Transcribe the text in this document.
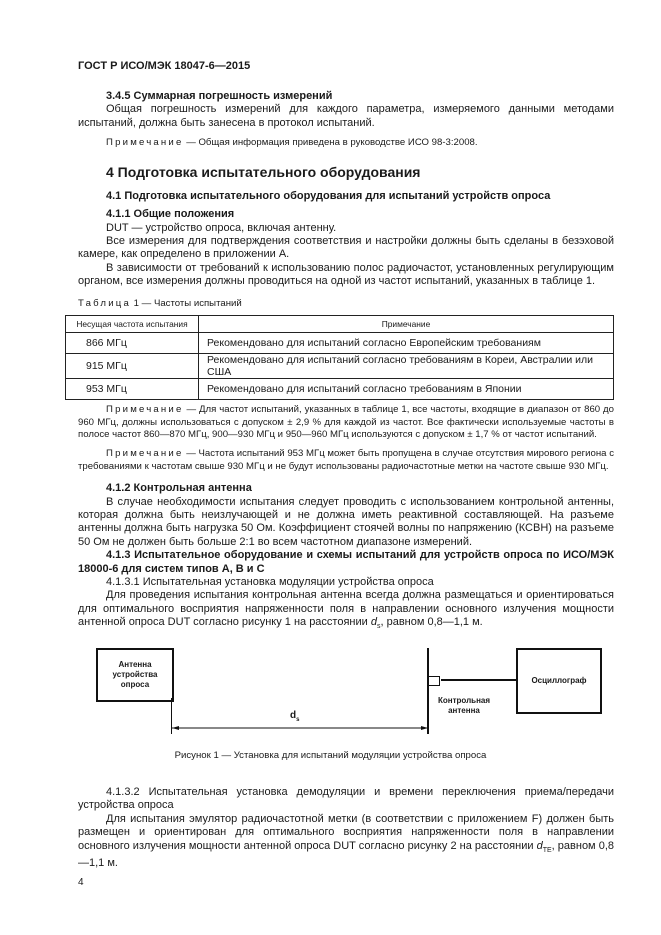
ГОСТ Р ИСО/МЭК 18047-6—2015
3.4.5 Суммарная погрешность измерений
Общая погрешность измерений для каждого параметра, измеряемого данными методами испытаний, должна быть занесена в протокол испытаний.
Примечание — Общая информация приведена в руководстве ИСО 98-3:2008.
4 Подготовка испытательного оборудования
4.1 Подготовка испытательного оборудования для испытаний устройств опроса
4.1.1 Общие положения
DUT — устройство опроса, включая антенну.
Все измерения для подтверждения соответствия и настройки должны быть сделаны в безэховой камере, как определено в приложении А.
В зависимости от требований к использованию полос радиочастот, установленных регулирующим органом, все измерения должны проводиться на одной из частот испытаний, указанных в таблице 1.
Таблица 1 — Частоты испытаний
Несущая частота испытания	Примечание
866 МГц	Рекомендовано для испытаний согласно Европейским требованиям
915 МГц	Рекомендовано для испытаний согласно требованиям в Кореи, Австралии или США
953 МГц	Рекомендовано для испытаний согласно требованиям в Японии
Примечание — Для частот испытаний, указанных в таблице 1, все частоты, входящие в диапазон от 860 до 960 МГц, должны использоваться с допуском ± 2,9 % для каждой из частот. Все фактически используемые частоты в полосе частот 860—870 МГц, 900—930 МГц и 950—960 МГц используются с допуском ± 1,7 % от частот испытаний.
Примечание — Частота испытаний 953 МГц может быть пропущена в случае отсутствия мирового региона с требованиями к частотам свыше 930 МГц и не будут использованы радиочастотные метки на частоте свыше 930 МГц.
4.1.2 Контрольная антенна
В случае необходимости испытания следует проводить с использованием контрольной антенны, которая должна быть неизлучающей и не должна иметь реактивной составляющей. На разъеме антенны должна быть нагрузка 50 Ом. Коэффициент стоячей волны по напряжению (КСВН) на разъеме 50 Ом не должен быть больше 2:1 во всем частотном диапазоне измерений.
4.1.3 Испытательное оборудование и схемы испытаний для устройств опроса по ИСО/МЭК 18000-6 для систем типов А, В и С
4.1.3.1 Испытательная установка модуляции устройства опроса
Для проведения испытания контрольная антенна всегда должна размещаться и ориентироваться для оптимального восприятия напряженности поля в направлении основного излучения мощности антенной опроса DUT согласно рисунку 1 на расстоянии $d_s$, равном 0,8—1,1 м.
Антенна устройства опроса	Осциллограф
Контрольная антенна
$d_s$
Рисунок 1 — Установка для испытаний модуляции устройства опроса
4.1.3.2 Испытательная установка демодуляции и времени переключения приема/передачи устройства опроса
Для испытания эмулятор радиочастотной метки (в соответствии с приложением F) должен быть размещен и ориентирован для оптимального восприятия напряженности поля в направлении основного излучения мощности антенной опроса DUT согласно рисунку 2 на расстоянии $d_{TE}$, равном 0,8—1,1 м.
4
